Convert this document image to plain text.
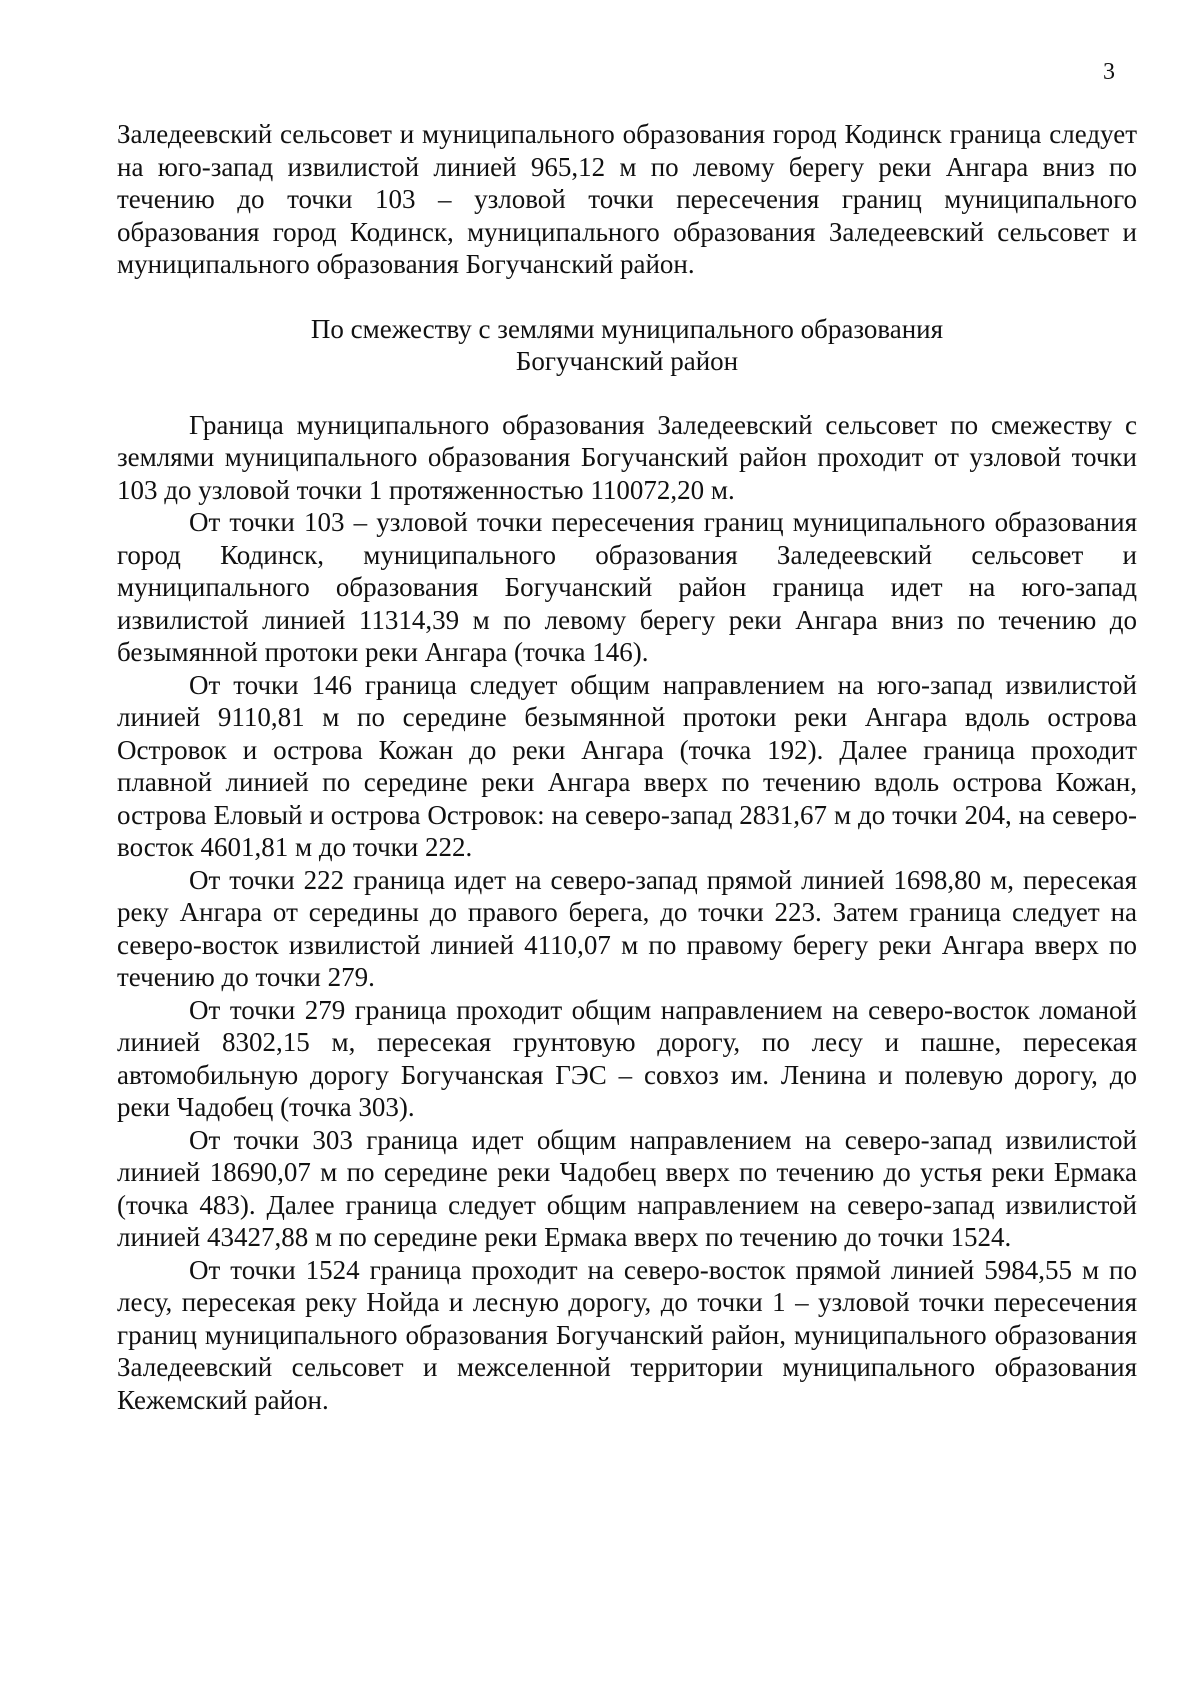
3

Заледеевский сельсовет и муниципального образования город Кодинск граница следует на юго-запад извилистой линией 965,12 м по левому берегу реки Ангара вниз по течению до точки 103 – узловой точки пересечения границ муниципального образования город Кодинск, муниципального образования Заледеевский сельсовет и муниципального образования Богучанский район.

По смежеству с землями муниципального образования
Богучанский район

Граница муниципального образования Заледеевский сельсовет по смежеству с землями муниципального образования Богучанский район проходит от узловой точки 103 до узловой точки 1 протяженностью 110072,20 м.

От точки 103 – узловой точки пересечения границ муниципального образования город Кодинск, муниципального образования Заледеевский сельсовет и муниципального образования Богучанский район граница идет на юго-запад извилистой линией 11314,39 м по левому берегу реки Ангара вниз по течению до безымянной протоки реки Ангара (точка 146).

От точки 146 граница следует общим направлением на юго-запад извилистой линией 9110,81 м по середине безымянной протоки реки Ангара вдоль острова Островок и острова Кожан до реки Ангара (точка 192). Далее граница проходит плавной линией по середине реки Ангара вверх по течению вдоль острова Кожан, острова Еловый и острова Островок: на северо-запад 2831,67 м до точки 204, на северо-восток 4601,81 м до точки 222.

От точки 222 граница идет на северо-запад прямой линией 1698,80 м, пересекая реку Ангара от середины до правого берега, до точки 223. Затем граница следует на северо-восток извилистой линией 4110,07 м по правому берегу реки Ангара вверх по течению до точки 279.

От точки 279 граница проходит общим направлением на северо-восток ломаной линией 8302,15 м, пересекая грунтовую дорогу, по лесу и пашне, пересекая автомобильную дорогу Богучанская ГЭС – совхоз им. Ленина и полевую дорогу, до реки Чадобец (точка 303).

От точки 303 граница идет общим направлением на северо-запад извилистой линией 18690,07 м по середине реки Чадобец вверх по течению до устья реки Ермака (точка 483). Далее граница следует общим направлением на северо-запад извилистой линией 43427,88 м по середине реки Ермака вверх по течению до точки 1524.

От точки 1524 граница проходит на северо-восток прямой линией 5984,55 м по лесу, пересекая реку Нойда и лесную дорогу, до точки 1 – узловой точки пересечения границ муниципального образования Богучанский район, муниципального образования Заледеевский сельсовет и межселенной территории муниципального образования Кежемский район.
